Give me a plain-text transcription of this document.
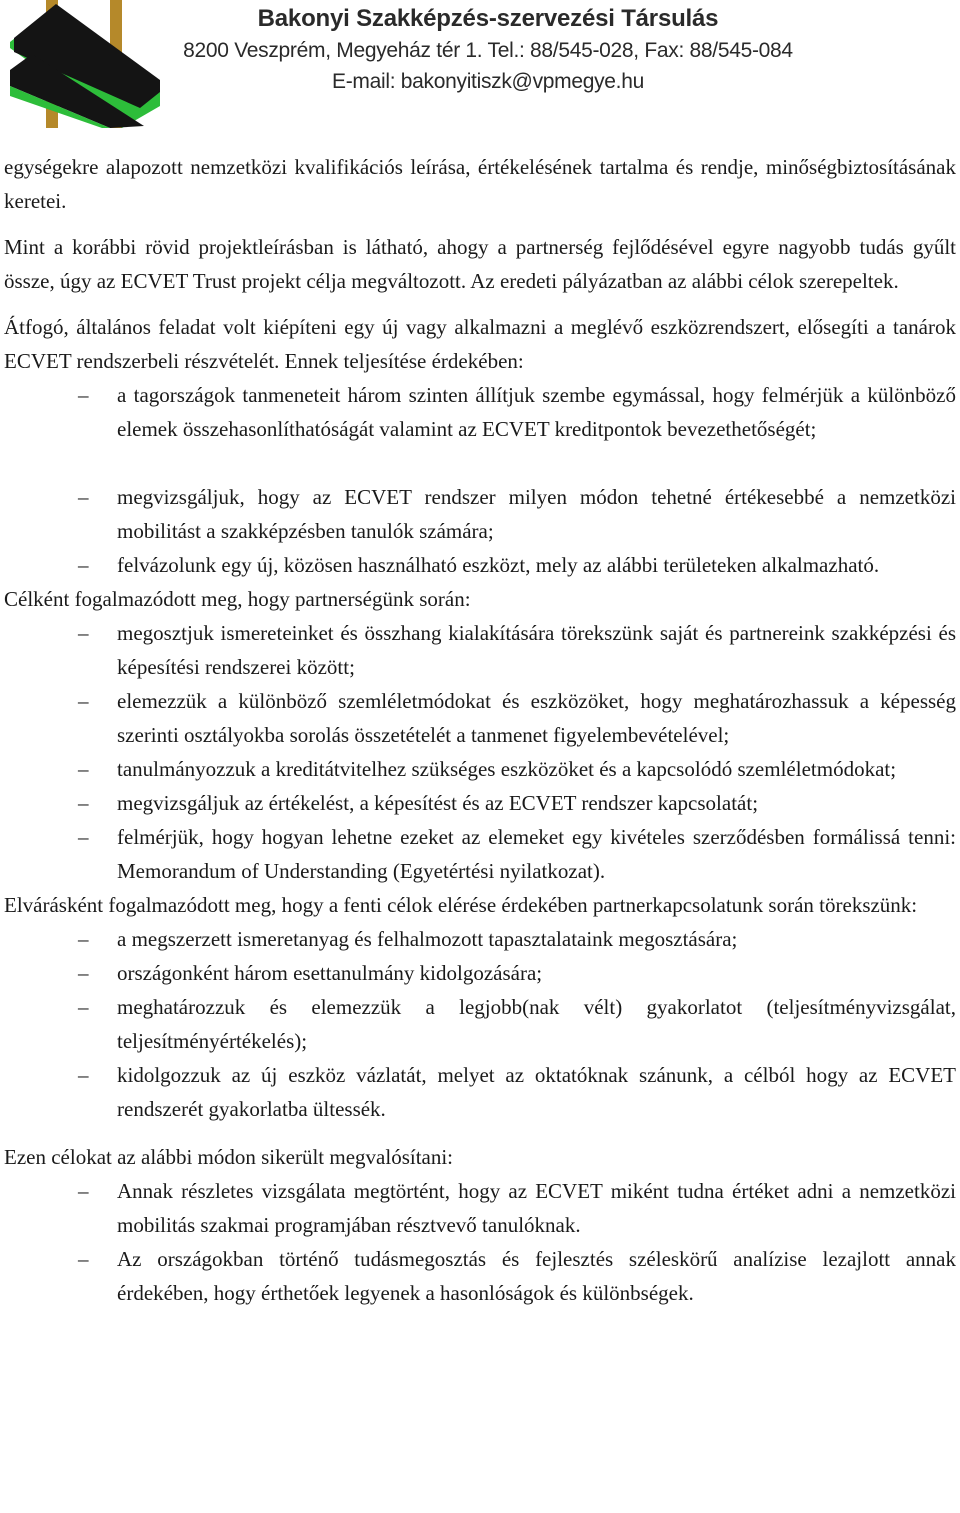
Bakonyi Szakképzés-szervezési Társulás
8200 Veszprém, Megyeház tér 1. Tel.: 88/545-028, Fax: 88/545-084
E-mail: bakonyitiszk@vpmegye.hu

egységekre alapozott nemzetközi kvalifikációs leírása, értékelésének tartalma és rendje, minőségbiztosításának keretei.

Mint a korábbi rövid projektleírásban is látható, ahogy a partnerség fejlődésével egyre nagyobb tudás gyűlt össze, úgy az ECVET Trust projekt célja megváltozott. Az eredeti pályázatban az alábbi célok szerepeltek.

Átfogó, általános feladat volt kiépíteni egy új vagy alkalmazni a meglévő eszközrendszert, elősegíti a tanárok ECVET rendszerbeli részvételét. Ennek teljesítése érdekében:

–	a tagországok tanmeneteit három szinten állítjuk szembe egymással, hogy felmérjük a különböző elemek összehasonlíthatóságát valamint az ECVET kreditpontok bevezethetőségét;
–	megvizsgáljuk, hogy az ECVET rendszer milyen módon tehetné értékesebbé a nemzetközi mobilitást a szakképzésben tanulók számára;
–	felvázolunk egy új, közösen használható eszközt, mely az alábbi területeken alkalmazható.

Célként fogalmazódott meg, hogy partnerségünk során:

–	megosztjuk ismereteinket és összhang kialakítására törekszünk saját és partnereink szakképzési és képesítési rendszerei között;
–	elemezzük a különböző szemléletmódokat és eszközöket, hogy meghatározhassuk a képesség szerinti osztályokba sorolás összetételét a tanmenet figyelembevételével;
–	tanulmányozzuk a kreditátvitelhez szükséges eszközöket és a kapcsolódó szemléletmódokat;
–	megvizsgáljuk az értékelést, a képesítést és az ECVET rendszer kapcsolatát;
–	felmérjük, hogy hogyan lehetne ezeket az elemeket egy kivételes szerződésben formálissá tenni: Memorandum of Understanding (Egyetértési nyilatkozat).

Elvárásként fogalmazódott meg, hogy a fenti célok elérése érdekében partnerkapcsolatunk során törekszünk:

–	a megszerzett ismeretanyag és felhalmozott tapasztalataink megosztására;
–	országonként három esettanulmány kidolgozására;
–	meghatározzuk és elemezzük a legjobb(nak vélt) gyakorlatot (teljesítményvizsgálat, teljesítményértékelés);
–	kidolgozzuk az új eszköz vázlatát, melyet az oktatóknak szánunk, a célból hogy az ECVET rendszerét gyakorlatba ültessék.

Ezen célokat az alábbi módon sikerült megvalósítani:

–	Annak részletes vizsgálata megtörtént, hogy az ECVET miként tudna értéket adni a nemzetközi mobilitás szakmai programjában résztvevő tanulóknak.
–	Az országokban történő tudásmegosztás és fejlesztés széleskörű analízise lezajlott annak érdekében, hogy érthetőek legyenek a hasonlóságok és különbségek.
